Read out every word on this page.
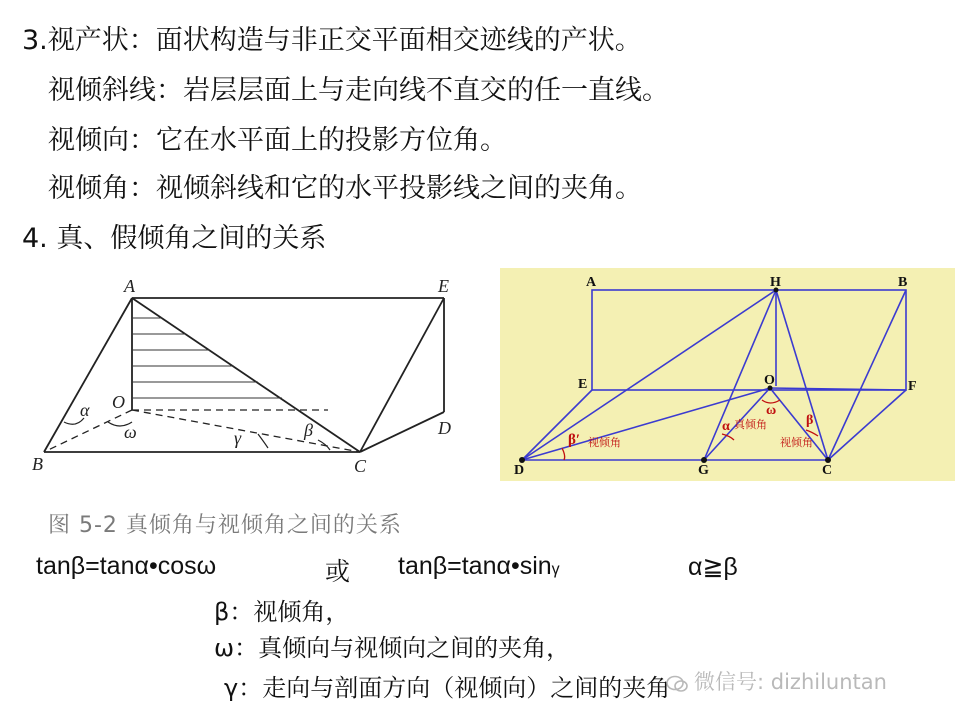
3.视产状：面状构造与非正交平面相交迹线的产状。
视倾斜线：岩层层面上与走向线不直交的任一直线。
视倾向：它在水平面上的投影方位角。
视倾角：视倾斜线和它的水平投影线之间的夹角。
4. 真、假倾角之间的关系
A	E
O
B	C
D
α
ω	γ	β
A	H	B
E	O	F
D	G	C
β′ 视倾角
α 真倾角
ω
β
视倾角
图 5-2 真倾角与视倾角之间的关系
tanβ=tanα•cosω	或 tanβ=tanα•sinγ	α≧β
β：视倾角，
ω：真倾向与视倾向之间的夹角，
γ：走向与剖面方向（视倾向）之间的夹角	微信号: dizhiluntan
